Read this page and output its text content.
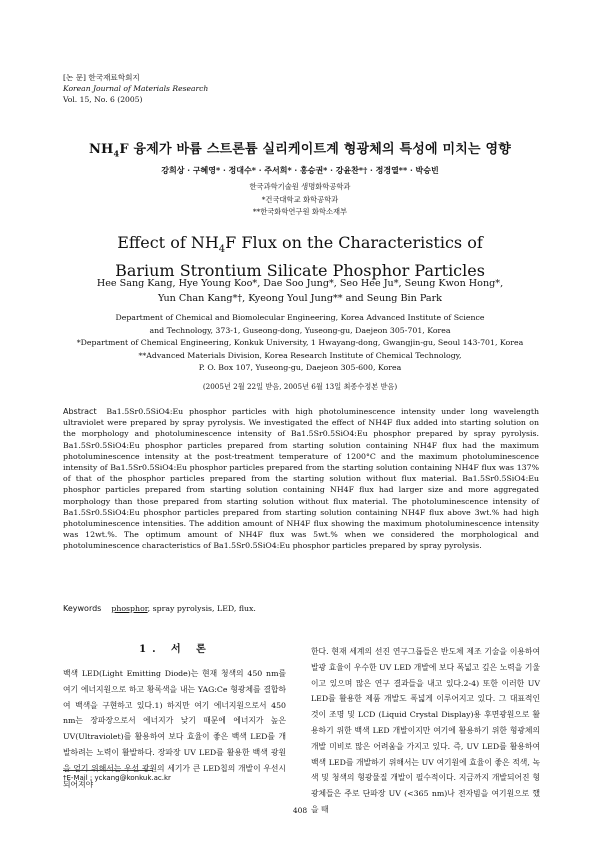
[논 문] 한국재료학회지
Korean Journal of Materials Research
Vol. 15, No. 6 (2005)
$NH_4F$ 융제가 바륨 스트론튬 실리케이트계 형광체의 특성에 미치는 영향
강희상 · 구혜영* · 정대수* · 주서희* · 홍승권* · 강윤찬*† · 정경열** · 박승빈
한국과학기술원 생명화학공학과
*건국대학교 화학공학과
**한국화학연구원 화학소재부
Effect of $NH_4F$ Flux on the Characteristics of
Barium Strontium Silicate Phosphor Particles
Hee Sang Kang, Hye Young Koo*, Dae Soo Jung*, Seo Hee Ju*, Seung Kwon Hong*,
Yun Chan Kang*†, Kyeong Youl Jung** and Seung Bin Park
Department of Chemical and Biomolecular Engineering, Korea Advanced Institute of Science
and Technology, 373-1, Guseong-dong, Yuseong-gu, Daejeon 305-701, Korea
*Department of Chemical Engineering, Konkuk University, 1 Hwayang-dong, Gwangjin-gu, Seoul 143-701, Korea
**Advanced Materials Division, Korea Research Institute of Chemical Technology,
P. O. Box 107, Yuseong-gu, Daejeon 305-600, Korea
(2005년 2월 22일 받음, 2005년 6월 13일 최종수정본 받음)
Abstract Ba1.5Sr0.5SiO4:Eu phosphor particles with high photoluminescence intensity under long wavelength ultraviolet were prepared by spray pyrolysis. We investigated the effect of NH4F flux added into starting solution on the morphology and photoluminescence intensity of Ba1.5Sr0.5SiO4:Eu phosphor prepared by spray pyrolysis. Ba1.5Sr0.5SiO4:Eu phosphor particles prepared from starting solution containing NH4F flux had the maximum photoluminescence intensity at the post-treatment temperature of 1200°C and the maximum photoluminescence intensity of Ba1.5Sr0.5SiO4:Eu phosphor particles prepared from the starting solution containing NH4F flux was 137% of that of the phosphor particles prepared from the starting solution without flux material. Ba1.5Sr0.5SiO4:Eu phosphor particles prepared from starting solution containing NH4F flux had larger size and more aggregated morphology than those prepared from starting solution without flux material. The photoluminescence intensity of Ba1.5Sr0.5SiO4:Eu phosphor particles prepared from starting solution containing NH4F flux above 3wt.% had high photoluminescence intensities. The addition amount of NH4F flux showing the maximum photoluminescence intensity was 12wt.%. The optimum amount of NH4F flux was 5wt.% when we considered the morphological and photoluminescence characteristics of Ba1.5Sr0.5SiO4:Eu phosphor particles prepared by spray pyrolysis.
Keywords phosphor, spray pyrolysis, LED, flux.
1. 서 론
백색 LED(Light Emitting Diode)는 현재 청색의 450 nm를 여기 에너지원으로 하고 황록색을 내는 YAG:Ce 형광체를 결합하여 백색을 구현하고 있다.1) 하지만 여기 에너지원으로서 450 nm는 장파장으로서 에너지가 낮기 때문에 에너지가 높은 UV(Ultraviolet)를 활용하여 보다 효율이 좋은 백색 LED를 개발하려는 노력이 활발하다. 장파장 UV LED를 활용한 백색 광원을 얻기 위해서는 우선 광원의 세기가 큰 LED칩의 개발이 우선시 되어져야
한다. 현재 세계의 선진 연구그룹들은 반도체 제조 기술을 이용하여 발광 효율이 우수한 UV LED 개발에 보다 폭넓고 깊은 노력을 기울이고 있으며 많은 연구 결과들을 내고 있다.2-4) 또한 이러한 UV LED를 활용한 제품 개발도 폭넓게 이루어지고 있다. 그 대표적인 것이 조명 및 LCD (Liquid Crystal Display)용 후면광원으로 활용하기 위한 백색 LED 개발이지만 여기에 활용하기 위한 형광체의 개발 미비로 많은 어려움을 가지고 있다. 즉, UV LED를 활용하여 백색 LED를 개발하기 위해서는 UV 여기원에 효율이 좋은 적색, 녹색 및 청색의 형광물질 개발이 필수적이다. 지금까지 개발되어진 형광체들은 주로 단파장 UV (<365 nm)나 전자빔을 여기원으로 했을 때
†E-Mail : yckang@konkuk.ac.kr
408
